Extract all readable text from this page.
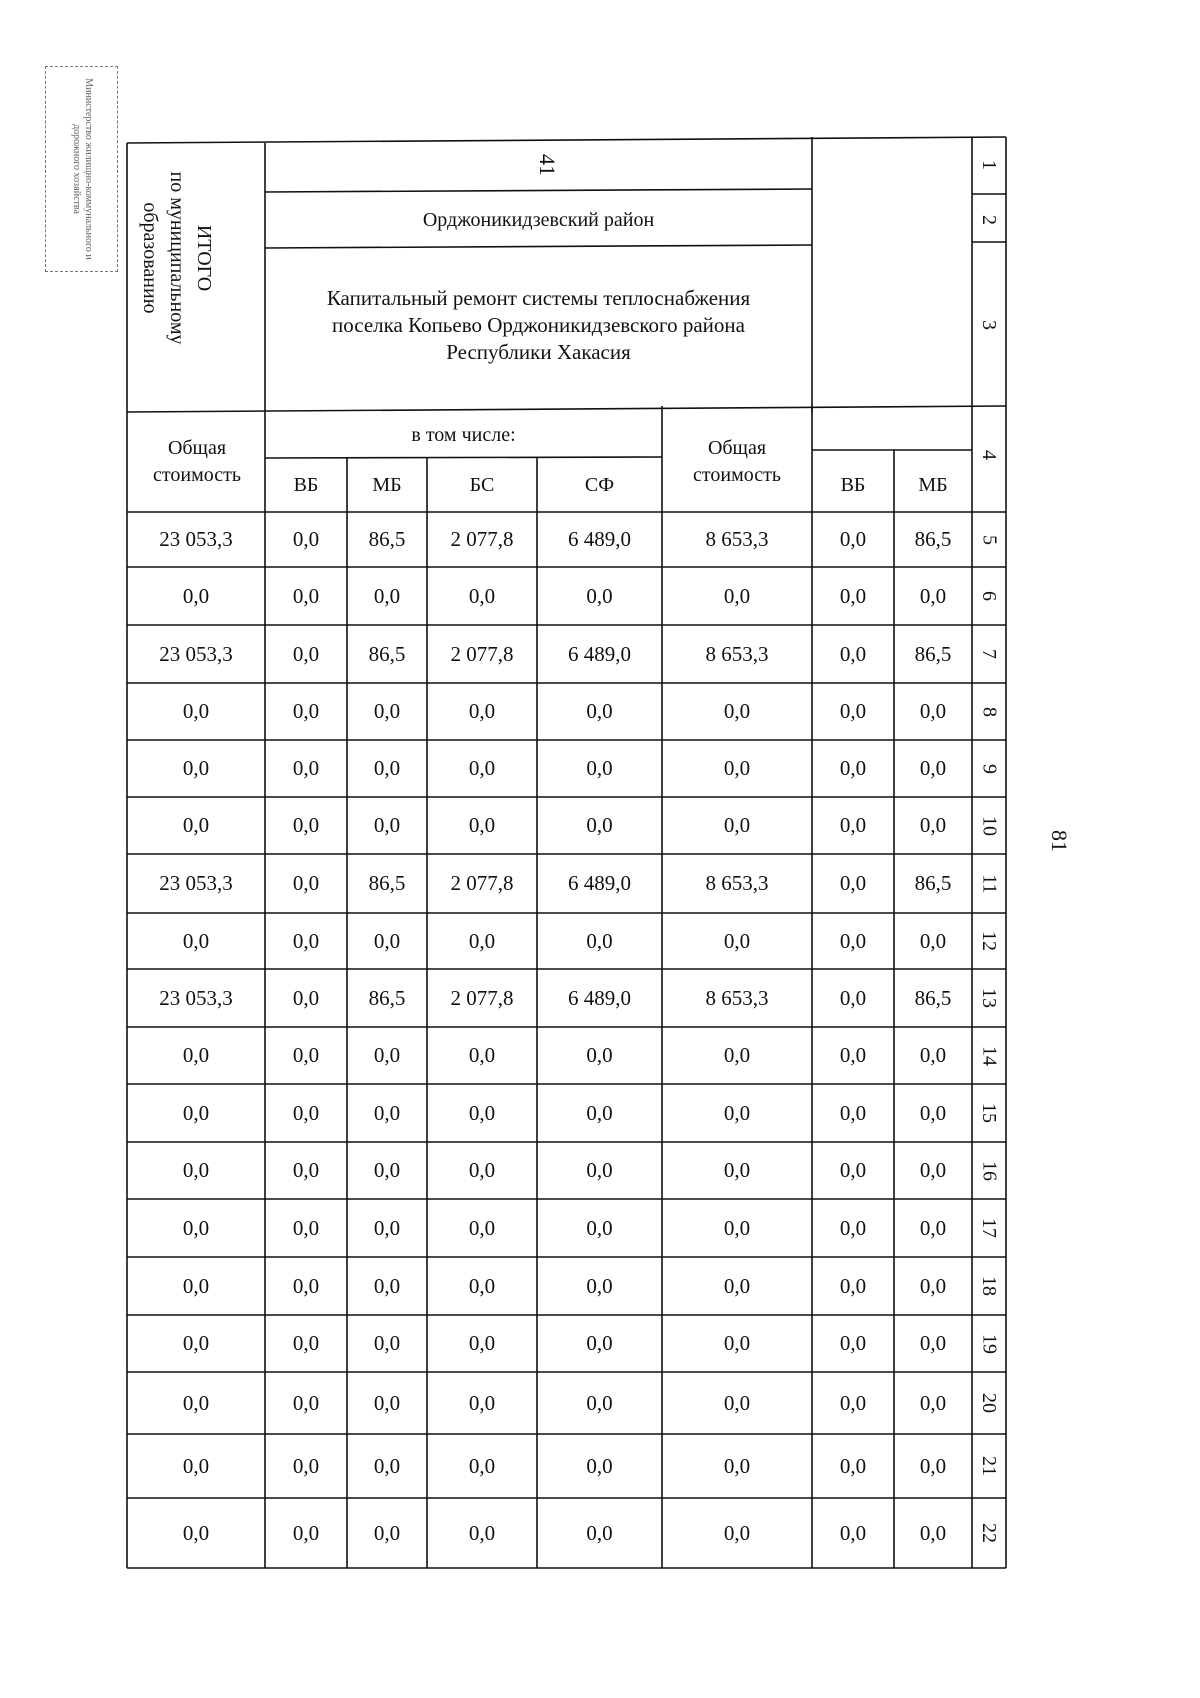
Министерство жилищно-коммунального и дорожного хозяйства
81
ИТОГО
по муниципальному
образованию
41
Орджоникидзевский район
Капитальный ремонт системы теплоснабжения поселка Копьево Орджоникидзевского района Республики Хакасия
Общая стоимость
в том числе:
ВБ	МБ	БС	СФ
Общая стоимость	ВБ	МБ
1
2
3
4
23 053,3	0,0	86,5	2 077,8	6 489,0	8 653,3	0,0	86,5	5
0,0	0,0	0,0	0,0	0,0	0,0	0,0	0,0	6
23 053,3	0,0	86,5	2 077,8	6 489,0	8 653,3	0,0	86,5	7
0,0	0,0	0,0	0,0	0,0	0,0	0,0	0,0	8
0,0	0,0	0,0	0,0	0,0	0,0	0,0	0,0	9
0,0	0,0	0,0	0,0	0,0	0,0	0,0	0,0	10
23 053,3	0,0	86,5	2 077,8	6 489,0	8 653,3	0,0	86,5	11
0,0	0,0	0,0	0,0	0,0	0,0	0,0	0,0	12
23 053,3	0,0	86,5	2 077,8	6 489,0	8 653,3	0,0	86,5	13
0,0	0,0	0,0	0,0	0,0	0,0	0,0	0,0	14
0,0	0,0	0,0	0,0	0,0	0,0	0,0	0,0	15
0,0	0,0	0,0	0,0	0,0	0,0	0,0	0,0	16
0,0	0,0	0,0	0,0	0,0	0,0	0,0	0,0	17
0,0	0,0	0,0	0,0	0,0	0,0	0,0	0,0	18
0,0	0,0	0,0	0,0	0,0	0,0	0,0	0,0	19
0,0	0,0	0,0	0,0	0,0	0,0	0,0	0,0	20
0,0	0,0	0,0	0,0	0,0	0,0	0,0	0,0	21
0,0	0,0	0,0	0,0	0,0	0,0	0,0	0,0	22
